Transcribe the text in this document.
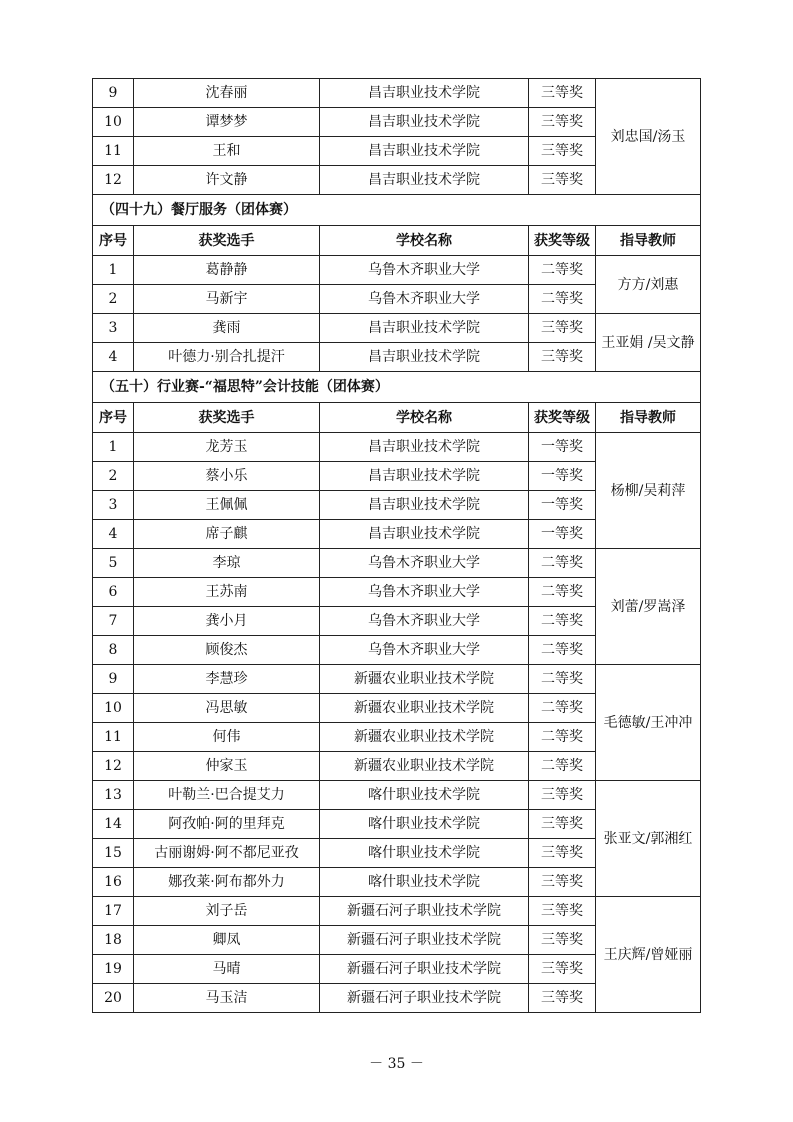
9	沈春丽	昌吉职业技术学院	三等奖	刘忠国/汤玉
10	谭梦梦	昌吉职业技术学院	三等奖	
11	王和	昌吉职业技术学院	三等奖	
12	许文静	昌吉职业技术学院	三等奖	
（四十九）餐厅服务（团体赛）				
序号	获奖选手	学校名称	获奖等级	指导教师
1	葛静静	乌鲁木齐职业大学	二等奖	方方/刘惠
2	马新宇	乌鲁木齐职业大学	二等奖	
3	龚雨	昌吉职业技术学院	三等奖	王亚娟 /吴文静
4	叶德力·别合扎提汗	昌吉职业技术学院	三等奖	
（五十）行业赛-“福思特”会计技能（团体赛）				
序号	获奖选手	学校名称	获奖等级	指导教师
1	龙芳玉	昌吉职业技术学院	一等奖	杨柳/吴莉萍
2	蔡小乐	昌吉职业技术学院	一等奖	
3	王佩佩	昌吉职业技术学院	一等奖	
4	席子麒	昌吉职业技术学院	一等奖	
5	李琼	乌鲁木齐职业大学	二等奖	刘蕾/罗嵩泽
6	王苏南	乌鲁木齐职业大学	二等奖	
7	龚小月	乌鲁木齐职业大学	二等奖	
8	顾俊杰	乌鲁木齐职业大学	二等奖	
9	李慧珍	新疆农业职业技术学院	二等奖	毛德敏/王冲冲
10	冯思敏	新疆农业职业技术学院	二等奖	
11	何伟	新疆农业职业技术学院	二等奖	
12	仲家玉	新疆农业职业技术学院	二等奖	
13	叶勒兰·巴合提艾力	喀什职业技术学院	三等奖	张亚文/郭湘红
14	阿孜帕·阿的里拜克	喀什职业技术学院	三等奖	
15	古丽谢姆·阿不都尼亚孜	喀什职业技术学院	三等奖	
16	娜孜莱·阿布都外力	喀什职业技术学院	三等奖	
17	刘子岳	新疆石河子职业技术学院	三等奖	王庆辉/曾娅丽
18	卿凤	新疆石河子职业技术学院	三等奖	
19	马晴	新疆石河子职业技术学院	三等奖	
20	马玉洁	新疆石河子职业技术学院	三等奖	
－ 35 －
